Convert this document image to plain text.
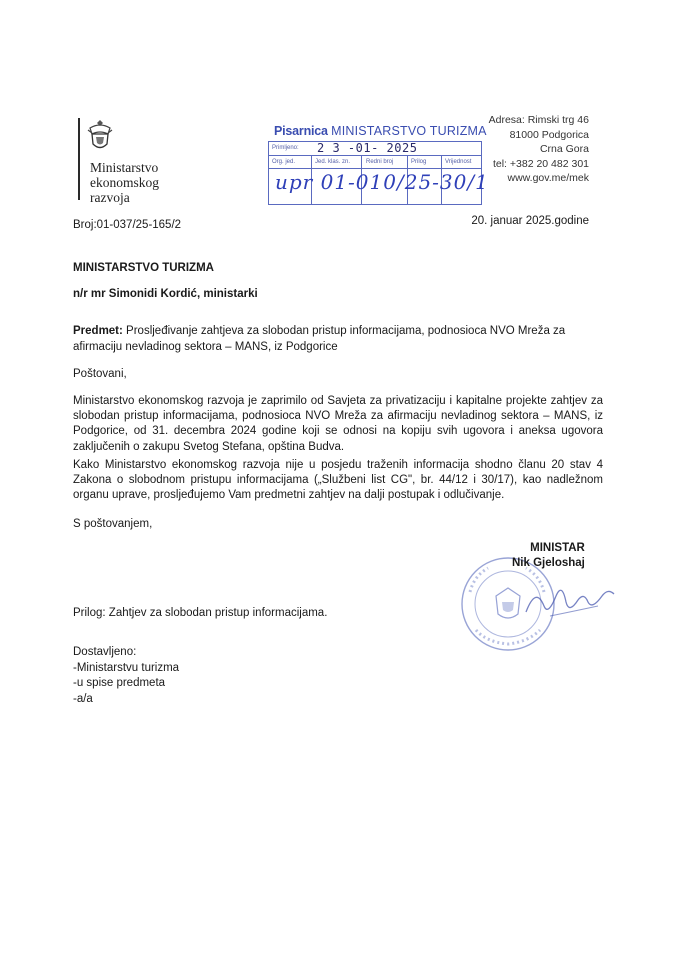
Ministarstvo
ekonomskog
razvoja
Pisarnica MINISTARSTVO TURIZMA
Primljeno: 2 3 -01- 2025
Org. jed.	Jed. klas. zn.	Redni broj	Prilog	Vrijednost
upr 01-010/25-30/1
Adresa: Rimski trg 46
81000 Podgorica
Crna Gora
tel: +382 20 482 301
www.gov.me/mek
Broj:01-037/25-165/2	20. januar 2025.godine
MINISTARSTVO TURIZMA
n/r mr Simonidi Kordić, ministarki
Predmet: Prosljeđivanje zahtjeva za slobodan pristup informacijama, podnosioca NVO Mreža za afirmaciju nevladinog sektora – MANS, iz Podgorice
Poštovani,
Ministarstvo ekonomskog razvoja je zaprimilo od Savjeta za privatizaciju i kapitalne projekte zahtjev za slobodan pristup informacijama, podnosioca NVO Mreža za afirmaciju nevladinog sektora – MANS, iz Podgorice, od 31. decembra 2024 godine koji se odnosi na kopiju svih ugovora i aneksa ugovora zaključenih o zakupu Svetog Stefana, opština Budva.
Kako Ministarstvo ekonomskog razvoja nije u posjedu traženih informacija shodno članu 20 stav 4 Zakona o slobodnom pristupu informacijama („Službeni list CG", br. 44/12 i 30/17), kao nadležnom organu uprave, prosljeđujemo Vam predmetni zahtjev na dalji postupak i odlučivanje.
S poštovanjem,
MINISTAR
Nik Gjeloshaj
Prilog: Zahtjev za slobodan pristup informacijama.
Dostavljeno:
-Ministarstvu turizma
-u spise predmeta
-a/a
